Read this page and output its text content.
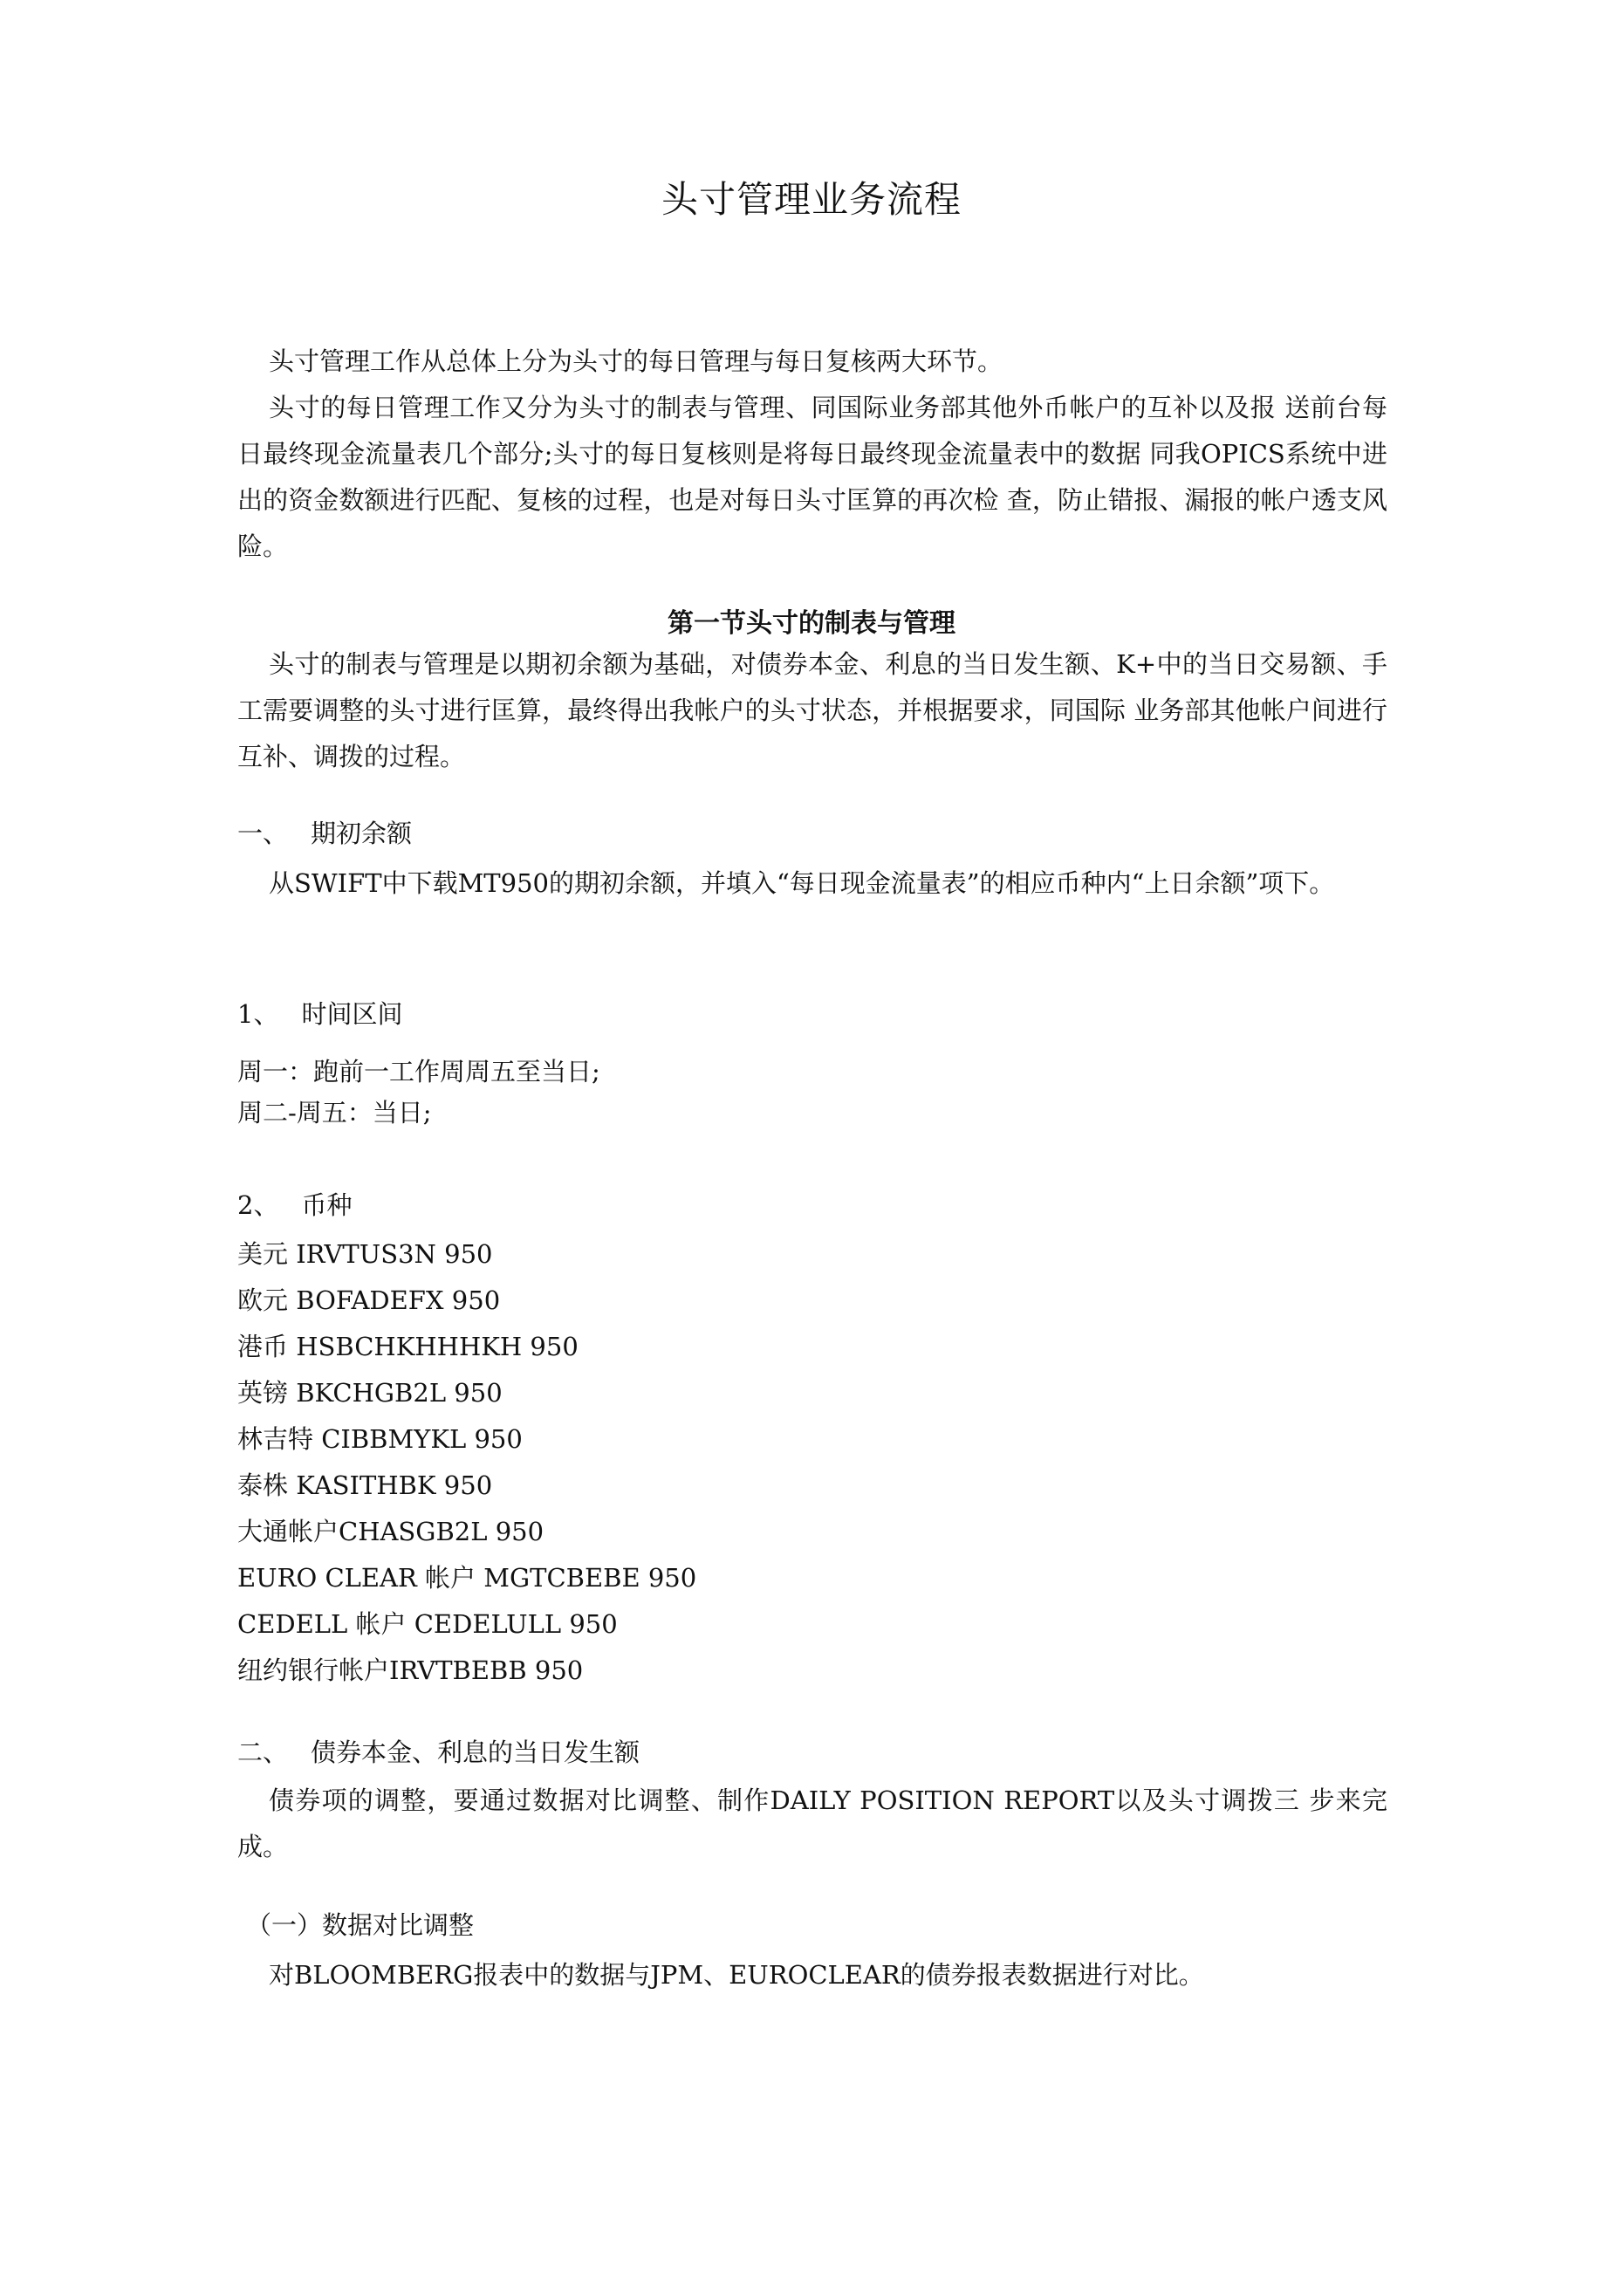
头寸管理业务流程

头寸管理工作从总体上分为头寸的每日管理与每日复核两大环节。

头寸的每日管理工作又分为头寸的制表与管理、同国际业务部其他外币帐户的互补以及报 送前台每日最终现金流量表几个部分;头寸的每日复核则是将每日最终现金流量表中的数据 同我OPICS系统中进出的资金数额进行匹配、复核的过程，也是对每日头寸匡算的再次检 查，防止错报、漏报的帐户透支风险。

第一节头寸的制表与管理

头寸的制表与管理是以期初余额为基础，对债券本金、利息的当日发生额、K+中的当日交易额、手工需要调整的头寸进行匡算，最终得出我帐户的头寸状态，并根据要求，同国际 业务部其他帐户间进行互补、调拨的过程。

一、 期初余额

从SWIFT中下载MT950的期初余额，并填入“每日现金流量表”的相应币种内“上日余额”项下。

1、 时间区间

周一：跑前一工作周周五至当日;

周二-周五：当日;

2、 币种

美元 IRVTUS3N 950

欧元 BOFADEFX 950

港币 HSBCHKHHHKH 950

英镑 BKCHGB2L 950

林吉特 CIBBMYKL 950

泰株 KASITHBK 950

大通帐户CHASGB2L 950

EURO CLEAR 帐户 MGTCBEBE 950

CEDELL 帐户 CEDELULL 950

纽约银行帐户IRVTBEBB 950

二、 债券本金、利息的当日发生额

债券项的调整，要通过数据对比调整、制作DAILY POSITION REPORT以及头寸调拨三 步来完成。

（一）数据对比调整

对BLOOMBERG报表中的数据与JPM、EUROCLEAR的债券报表数据进行对比。
